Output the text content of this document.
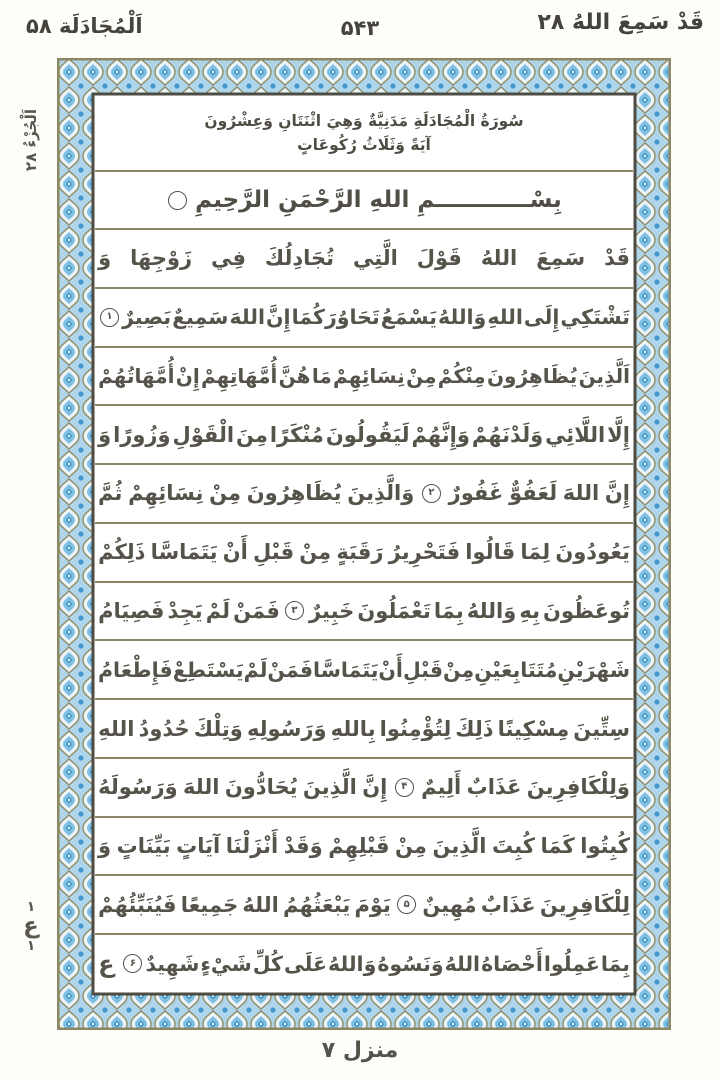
قَدْ سَمِعَ اللهُ ۲۸
۵۴۳
اَلْمُجَادَلَة ۵۸
سُورَةُ الْمُجَادَلَةِ مَدَنِيَّةٌ وَهِيَ اثْنَتَانِ وَعِشْرُونَ آيَةً وَثَلَاثُ رُكُوعَاتٍ
بِسْــــــــــــمِ اللهِ الرَّحْمَنِ الرَّحِيمِ
قَدْ
سَمِعَ
اللهُ
قَوْلَ
الَّتِي
تُجَادِلُكَ
فِي
زَوْجِهَا
وَ
تَشْتَكِي
إِلَى
اللهِ
وَاللهُ
يَسْمَعُ
تَحَاوُرَكُمَا
إِنَّ
اللهَ
سَمِيعٌ
بَصِيرٌ
۱
اَلَّذِينَ
يُظَاهِرُونَ
مِنْكُمْ
مِنْ
نِسَائِهِمْ
مَا
هُنَّ
أُمَّهَاتِهِمْ
إِنْ
أُمَّهَاتُهُمْ
إِلَّا
اللَّائِي
وَلَدْنَهُمْ
وَإِنَّهُمْ
لَيَقُولُونَ
مُنْكَرًا
مِنَ
الْقَوْلِ
وَزُورًا
وَ
إِنَّ
اللهَ
لَعَفُوٌّ
غَفُورٌ
۲
وَالَّذِينَ
يُظَاهِرُونَ
مِنْ
نِسَائِهِمْ
ثُمَّ
يَعُودُونَ
لِمَا
قَالُوا
فَتَحْرِيرُ
رَقَبَةٍ
مِنْ
قَبْلِ
أَنْ
يَتَمَاسَّا
ذَلِكُمْ
تُوعَظُونَ
بِهِ
وَاللهُ
بِمَا
تَعْمَلُونَ
خَبِيرٌ
۳
فَمَنْ
لَمْ
يَجِدْ
فَصِيَامُ
شَهْرَيْنِ
مُتَتَابِعَيْنِ
مِنْ
قَبْلِ
أَنْ
يَتَمَاسَّا
فَمَنْ
لَمْ
يَسْتَطِعْ
فَإِطْعَامُ
سِتِّينَ
مِسْكِينًا
ذَلِكَ
لِتُؤْمِنُوا
بِاللهِ
وَرَسُولِهِ
وَتِلْكَ
حُدُودُ
اللهِ
وَلِلْكَافِرِينَ
عَذَابٌ
أَلِيمٌ
۴
إِنَّ
الَّذِينَ
يُحَادُّونَ
اللهَ
وَرَسُولَهُ
كُبِتُوا
كَمَا
كُبِتَ
الَّذِينَ
مِنْ
قَبْلِهِمْ
وَقَدْ
أَنْزَلْنَا
آيَاتٍ
بَيِّنَاتٍ
وَ
لِلْكَافِرِينَ
عَذَابٌ
مُهِينٌ
۵
يَوْمَ
يَبْعَثُهُمُ
اللهُ
جَمِيعًا
فَيُنَبِّئُهُمْ
بِمَا
عَمِلُوا
أَحْصَاهُ
اللهُ
وَنَسُوهُ
وَاللهُ
عَلَى
كُلِّ
شَيْءٍ
شَهِيدٌ
۶
ع
اَلْجُزْءُ ۲۸
۱
ع
۱
منزل ۷
